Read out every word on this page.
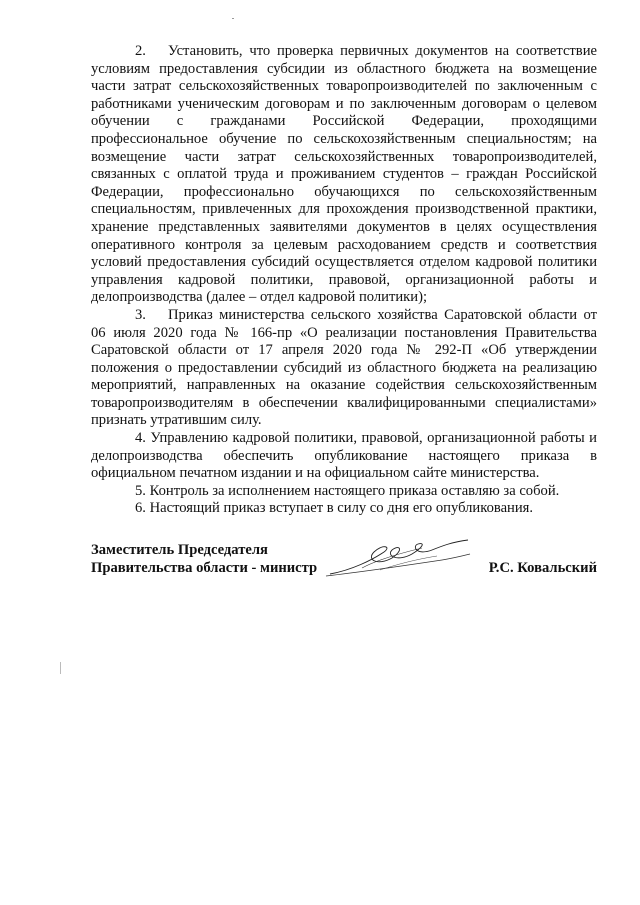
2. Установить, что проверка первичных документов на соответствие условиям предоставления субсидии из областного бюджета на возмещение части затрат сельскохозяйственных товаропроизводителей по заключенным с работниками ученическим договорам и по заключенным договорам о целевом обучении с гражданами Российской Федерации, проходящими профессиональное обучение по сельскохозяйственным специальностям; на возмещение части затрат сельскохозяйственных товаропроизводителей, связанных с оплатой труда и проживанием студентов – граждан Российской Федерации, профессионально обучающихся по сельскохозяйственным специальностям, привлеченных для прохождения производственной практики, хранение представленных заявителями документов в целях осуществления оперативного контроля за целевым расходованием средств и соответствия условий предоставления субсидий осуществляется отделом кадровой политики управления кадровой политики, правовой, организационной работы и делопроизводства (далее – отдел кадровой политики);

3. Приказ министерства сельского хозяйства Саратовской области от 06 июля 2020 года № 166-пр «О реализации постановления Правительства Саратовской области от 17 апреля 2020 года № 292-П «Об утверждении положения о предоставлении субсидий из областного бюджета на реализацию мероприятий, направленных на оказание содействия сельскохозяйственным товаропроизводителям в обеспечении квалифицированными специалистами» признать утратившим силу.

4. Управлению кадровой политики, правовой, организационной работы и делопроизводства обеспечить опубликование настоящего приказа в официальном печатном издании и на официальном сайте министерства.

5. Контроль за исполнением настоящего приказа оставляю за собой.

6. Настоящий приказ вступает в силу со дня его опубликования.

Заместитель Председателя
Правительства области - министр	Р.С. Ковальский
